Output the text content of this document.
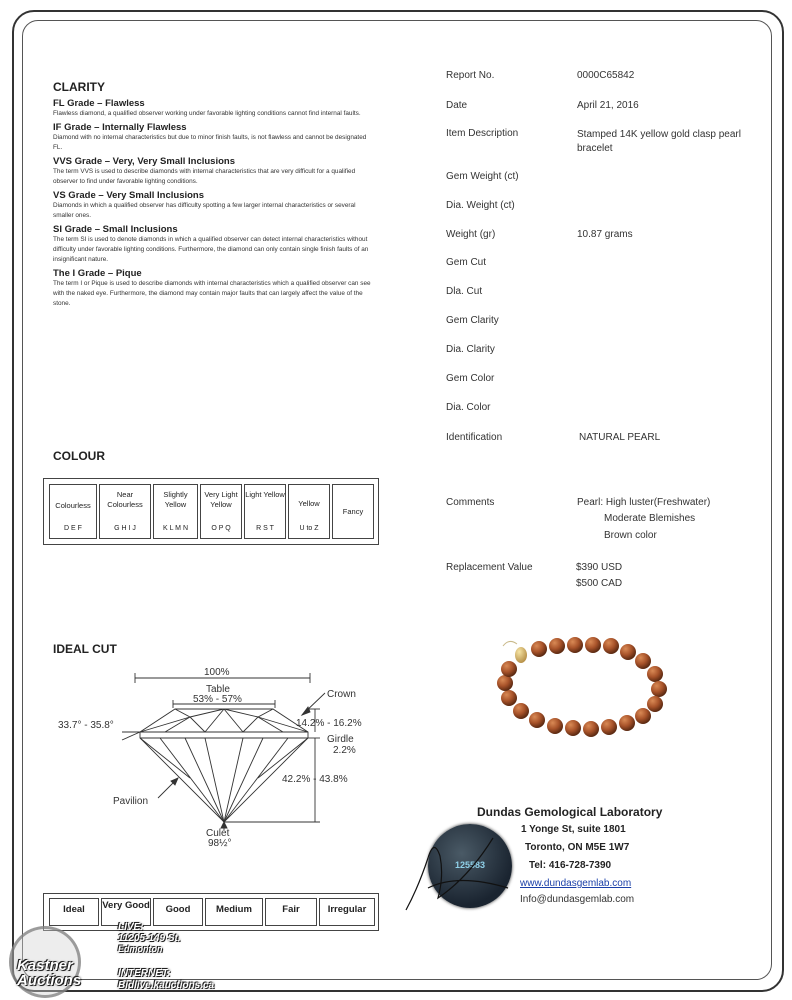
CLARITY
FL Grade – Flawless
Flawless diamond, a qualified observer working under favorable lighting conditions cannot find internal faults.
IF Grade – Internally Flawless
Diamond with no internal characteristics but due to minor finish faults, is not flawless and cannot be designated FL.
VVS Grade – Very, Very Small Inclusions
The term VVS is used to describe diamonds with internal characteristics that are very difficult for a qualified observer to find under favorable lighting conditions.
VS Grade – Very Small Inclusions
Diamonds in which a qualified observer has difficulty spotting a few larger internal characteristics or several smaller ones.
SI Grade – Small Inclusions
The term SI is used to denote diamonds in which a qualified observer can detect internal characteristics without difficulty under favorable lighting conditions. Furthermore, the diamond can only contain single finish faults of an insignificant nature.
The I Grade – Pique
The term I or Pique is used to describe diamonds with internal characteristics which a qualified observer can see with the naked eye. Furthermore, the diamond may contain major faults that can largely affect the value of the stone.
COLOUR
Colourless
D E F
Near Colourless
G H I J
Slightly Yellow
K L M N
Very Light Yellow
O P Q
Light Yellow
R S T
Yellow
U to Z
Fancy
IDEAL CUT
100%
Table
53% - 57%	Crown
33.7° - 35.8°	14.2% - 16.2%
Girdle
2.2%
42.2% - 43.8%
Pavilion
Culet
98½°
Ideal	Very Good	Good	Medium	Fair	Irregular
Report No.	0000C65842
Date	April 21, 2016
Item Description	Stamped 14K yellow gold clasp pearl bracelet
Gem Weight (ct)
Dia. Weight (ct)
Weight (gr)	10.87 grams
Gem Cut
Dla. Cut
Gem Clarity
Dia. Clarity
Gem Color
Dia. Color
Identification	NATURAL PEARL
Comments	Pearl: High luster(Freshwater)
Moderate Blemishes
Brown color
Replacement Value	$390 USD
$500 CAD
Dundas Gemological Laboratory
1 Yonge St, suite 1801
Toronto, ON M5E 1W7
Tel: 416-728-7390
www.dundasgemlab.com
Info@dundasgemlab.com
125583
Kastner Auctions
LIVE:
11205-149 St.
Edmonton
INTERNET:
Bidlive.kauctions.ca
